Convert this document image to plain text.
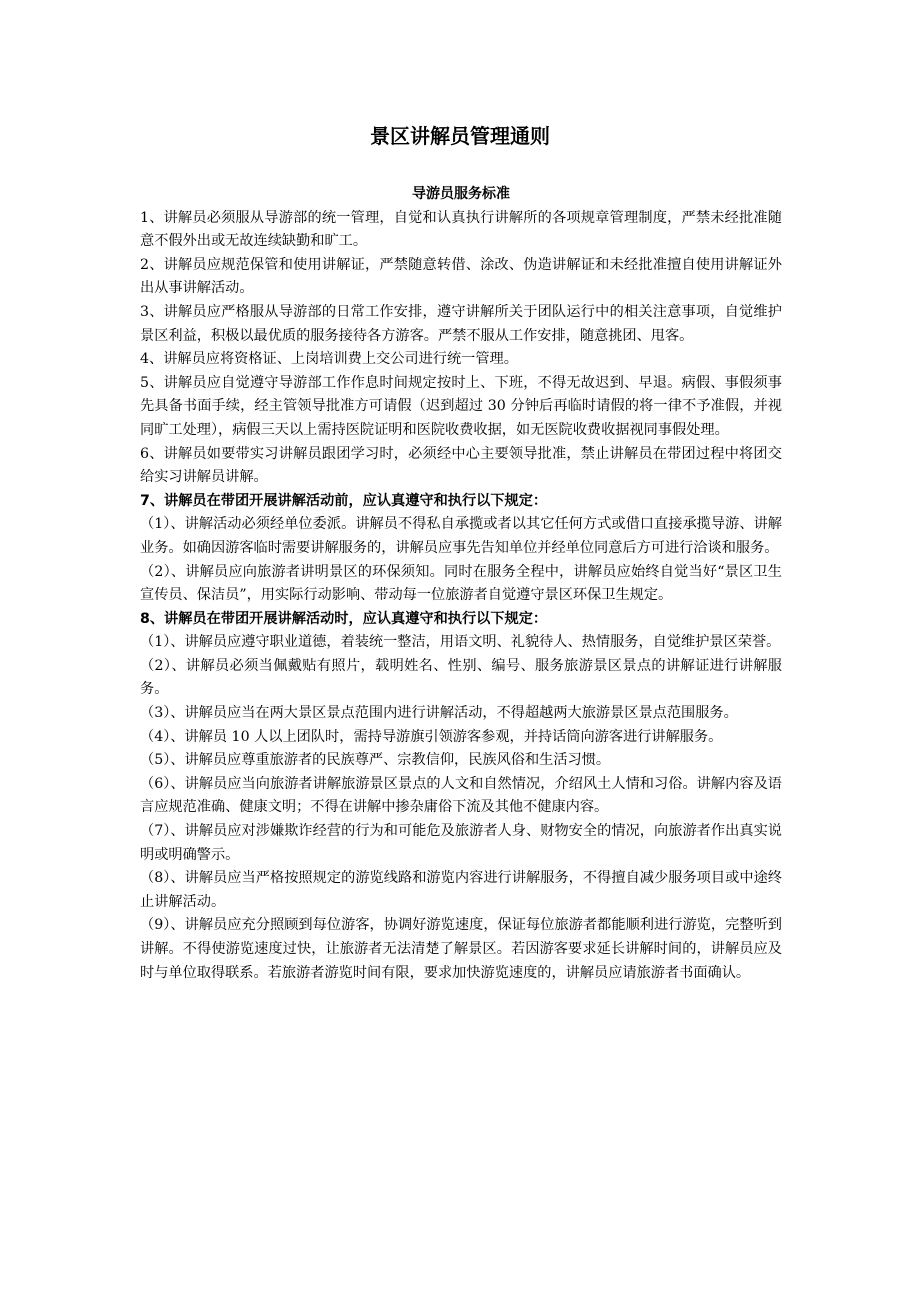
景区讲解员管理通则

导游员服务标准

1、讲解员必须服从导游部的统一管理，自觉和认真执行讲解所的各项规章管理制度，严禁未经批准随意不假外出或无故连续缺勤和旷工。

2、讲解员应规范保管和使用讲解证，严禁随意转借、涂改、伪造讲解证和未经批准擅自使用讲解证外出从事讲解活动。

3、讲解员应严格服从导游部的日常工作安排，遵守讲解所关于团队运行中的相关注意事项，自觉维护景区利益，积极以最优质的服务接待各方游客。严禁不服从工作安排，随意挑团、甩客。

4、讲解员应将资格证、上岗培训费上交公司进行统一管理。

5、讲解员应自觉遵守导游部工作作息时间规定按时上、下班，不得无故迟到、早退。病假、事假须事先具备书面手续，经主管领导批准方可请假（迟到超过 30 分钟后再临时请假的将一律不予准假，并视同旷工处理），病假三天以上需持医院证明和医院收费收据，如无医院收费收据视同事假处理。

6、讲解员如要带实习讲解员跟团学习时，必须经中心主要领导批准，禁止讲解员在带团过程中将团交给实习讲解员讲解。

7、讲解员在带团开展讲解活动前，应认真遵守和执行以下规定：

（1）、讲解活动必须经单位委派。讲解员不得私自承揽或者以其它任何方式或借口直接承揽导游、讲解业务。如确因游客临时需要讲解服务的，讲解员应事先告知单位并经单位同意后方可进行洽谈和服务。

（2）、讲解员应向旅游者讲明景区的环保须知。同时在服务全程中，讲解员应始终自觉当好“景区卫生宣传员、保洁员”，用实际行动影响、带动每一位旅游者自觉遵守景区环保卫生规定。

8、讲解员在带团开展讲解活动时，应认真遵守和执行以下规定：

（1）、讲解员应遵守职业道德，着装统一整洁，用语文明、礼貌待人、热情服务，自觉维护景区荣誉。

（2）、讲解员必须当佩戴贴有照片，载明姓名、性别、编号、服务旅游景区景点的讲解证进行讲解服务。

（3）、讲解员应当在两大景区景点范围内进行讲解活动，不得超越两大旅游景区景点范围服务。

（4）、讲解员 10 人以上团队时，需持导游旗引领游客参观，并持话筒向游客进行讲解服务。

（5）、讲解员应尊重旅游者的民族尊严、宗教信仰，民族风俗和生活习惯。

（6）、讲解员应当向旅游者讲解旅游景区景点的人文和自然情况，介绍风土人情和习俗。讲解内容及语言应规范准确、健康文明；不得在讲解中掺杂庸俗下流及其他不健康内容。

（7）、讲解员应对涉嫌欺诈经营的行为和可能危及旅游者人身、财物安全的情况，向旅游者作出真实说明或明确警示。

（8）、讲解员应当严格按照规定的游览线路和游览内容进行讲解服务，不得擅自减少服务项目或中途终止讲解活动。

（9）、讲解员应充分照顾到每位游客，协调好游览速度，保证每位旅游者都能顺利进行游览，完整听到讲解。不得使游览速度过快，让旅游者无法清楚了解景区。若因游客要求延长讲解时间的，讲解员应及时与单位取得联系。若旅游者游览时间有限，要求加快游览速度的，讲解员应请旅游者书面确认。
